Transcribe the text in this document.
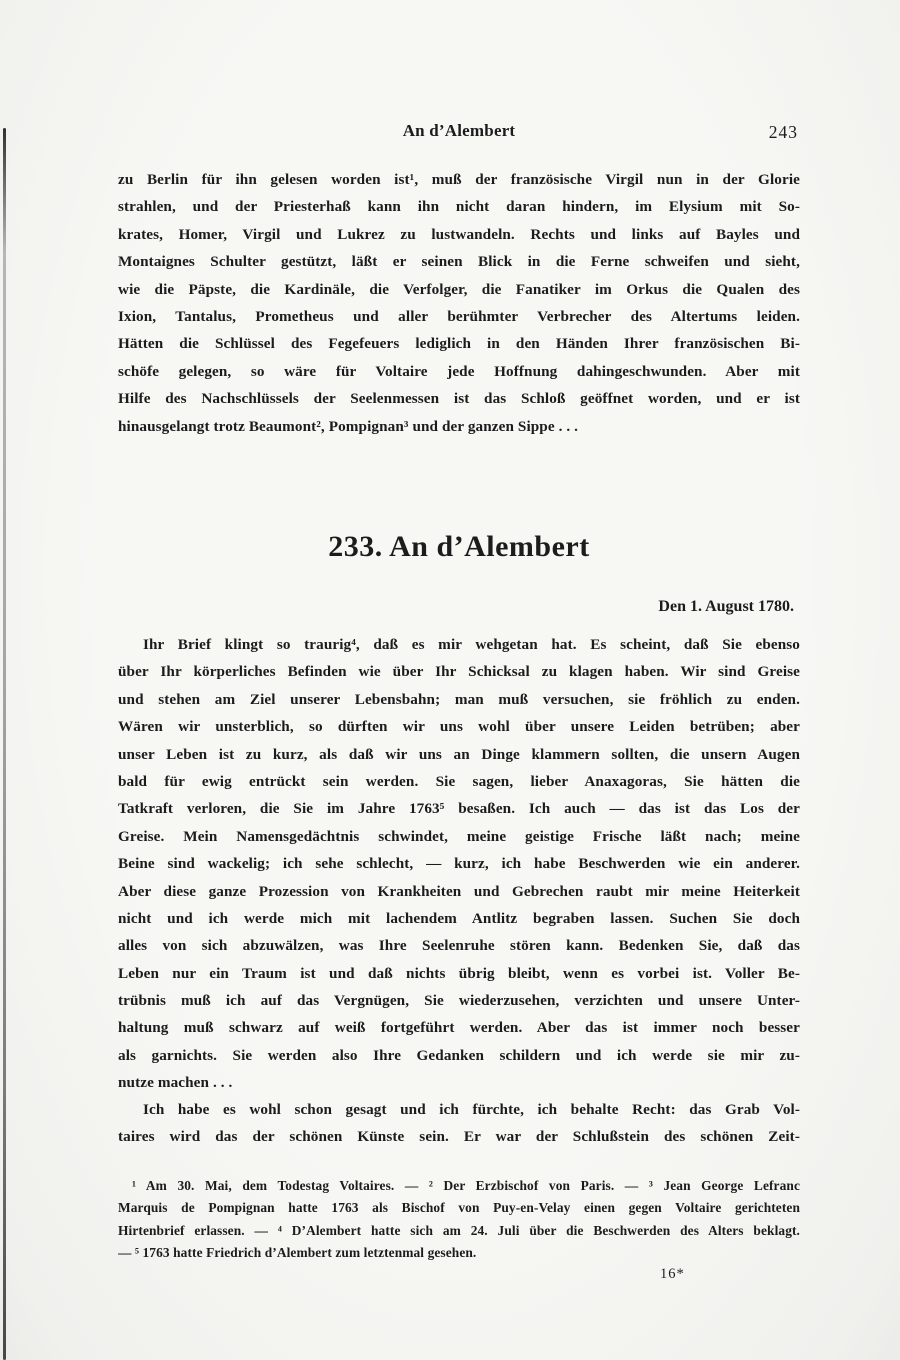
An d’Alembert	243
zu Berlin für ihn gelesen worden ist¹, muß der französische Virgil nun in der Glorie
strahlen, und der Priesterhaß kann ihn nicht daran hindern, im Elysium mit So-
krates, Homer, Virgil und Lukrez zu lustwandeln. Rechts und links auf Bayles und
Montaignes Schulter gestützt, läßt er seinen Blick in die Ferne schweifen und sieht,
wie die Päpste, die Kardinäle, die Verfolger, die Fanatiker im Orkus die Qualen des
Ixion, Tantalus, Prometheus und aller berühmter Verbrecher des Altertums leiden.
Hätten die Schlüssel des Fegefeuers lediglich in den Händen Ihrer französischen Bi-
schöfe gelegen, so wäre für Voltaire jede Hoffnung dahingeschwunden. Aber mit
Hilfe des Nachschlüssels der Seelenmessen ist das Schloß geöffnet worden, und er ist
hinausgelangt trotz Beaumont², Pompignan³ und der ganzen Sippe . . .
233. An d’Alembert
Den 1. August 1780.
Ihr Brief klingt so traurig⁴, daß es mir wehgetan hat. Es scheint, daß Sie ebenso
über Ihr körperliches Befinden wie über Ihr Schicksal zu klagen haben. Wir sind Greise
und stehen am Ziel unserer Lebensbahn; man muß versuchen, sie fröhlich zu enden.
Wären wir unsterblich, so dürften wir uns wohl über unsere Leiden betrüben; aber
unser Leben ist zu kurz, als daß wir uns an Dinge klammern sollten, die unsern Augen
bald für ewig entrückt sein werden. Sie sagen, lieber Anaxagoras, Sie hätten die
Tatkraft verloren, die Sie im Jahre 1763⁵ besaßen. Ich auch — das ist das Los der
Greise. Mein Namensgedächtnis schwindet, meine geistige Frische läßt nach; meine
Beine sind wackelig; ich sehe schlecht, — kurz, ich habe Beschwerden wie ein anderer.
Aber diese ganze Prozession von Krankheiten und Gebrechen raubt mir meine Heiterkeit
nicht und ich werde mich mit lachendem Antlitz begraben lassen. Suchen Sie doch
alles von sich abzuwälzen, was Ihre Seelenruhe stören kann. Bedenken Sie, daß das
Leben nur ein Traum ist und daß nichts übrig bleibt, wenn es vorbei ist. Voller Be-
trübnis muß ich auf das Vergnügen, Sie wiederzusehen, verzichten und unsere Unter-
haltung muß schwarz auf weiß fortgeführt werden. Aber das ist immer noch besser
als garnichts. Sie werden also Ihre Gedanken schildern und ich werde sie mir zu-
nutze machen . . .
Ich habe es wohl schon gesagt und ich fürchte, ich behalte Recht: das Grab Vol-
taires wird das der schönen Künste sein. Er war der Schlußstein des schönen Zeit-
¹ Am 30. Mai, dem Todestag Voltaires. — ² Der Erzbischof von Paris. — ³ Jean George Lefranc
Marquis de Pompignan hatte 1763 als Bischof von Puy-en-Velay einen gegen Voltaire gerichteten
Hirtenbrief erlassen. — ⁴ D’Alembert hatte sich am 24. Juli über die Beschwerden des Alters beklagt.
— ⁵ 1763 hatte Friedrich d’Alembert zum letztenmal gesehen.
16*
